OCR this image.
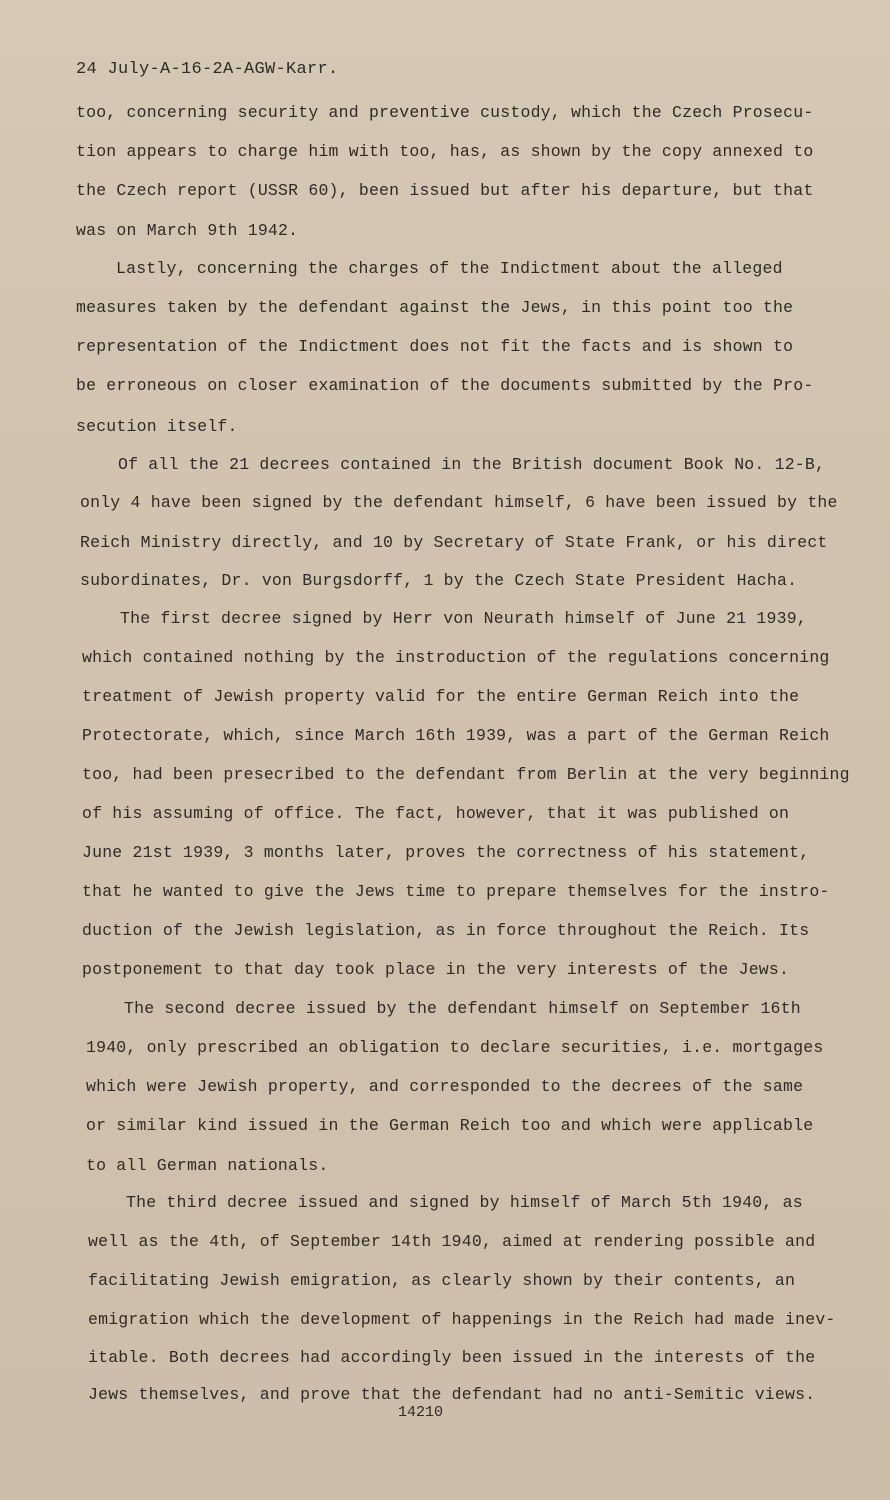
24 July-A-16-2A-AGW-Karr.
too, concerning security and preventive custody, which the Czech Prosecu-
tion appears to charge him with too, has, as shown by the copy annexed to
the Czech report (USSR 60), been issued but after his departure, but that
was on March 9th 1942.
Lastly, concerning the charges of the Indictment about the alleged
measures taken by the defendant against the Jews, in this point too the
representation of the Indictment does not fit the facts and is shown to
be erroneous on closer examination of the documents submitted by the Pro-
secution itself.
Of all the 21 decrees contained in the British document Book No. 12-B,
only 4 have been signed by the defendant himself, 6 have been issued by the
Reich Ministry directly, and 10 by Secretary of State Frank, or his direct
subordinates, Dr. von Burgsdorff, 1 by the Czech State President Hacha.
The first decree signed by Herr von Neurath himself of June 21 1939,
which contained nothing by the instroduction of the regulations concerning
treatment of Jewish property valid for the entire German Reich into the
Protectorate, which, since March 16th 1939, was a part of the German Reich
too, had been presecribed to the defendant from Berlin at the very beginning
of his assuming of office. The fact, however, that it was published on
June 21st 1939, 3 months later, proves the correctness of his statement,
that he wanted to give the Jews time to prepare themselves for the instro-
duction of the Jewish legislation, as in force throughout the Reich. Its
postponement to that day took place in the very interests of the Jews.
The second decree issued by the defendant himself on September 16th
1940, only prescribed an obligation to declare securities, i.e. mortgages
which were Jewish property, and corresponded to the decrees of the same
or similar kind issued in the German Reich too and which were applicable
to all German nationals.
The third decree issued and signed by himself of March 5th 1940, as
well as the 4th, of September 14th 1940, aimed at rendering possible and
facilitating Jewish emigration, as clearly shown by their contents, an
emigration which the development of happenings in the Reich had made inev-
itable. Both decrees had accordingly been issued in the interests of the
Jews themselves, and prove that the defendant had no anti-Semitic views.
14210
